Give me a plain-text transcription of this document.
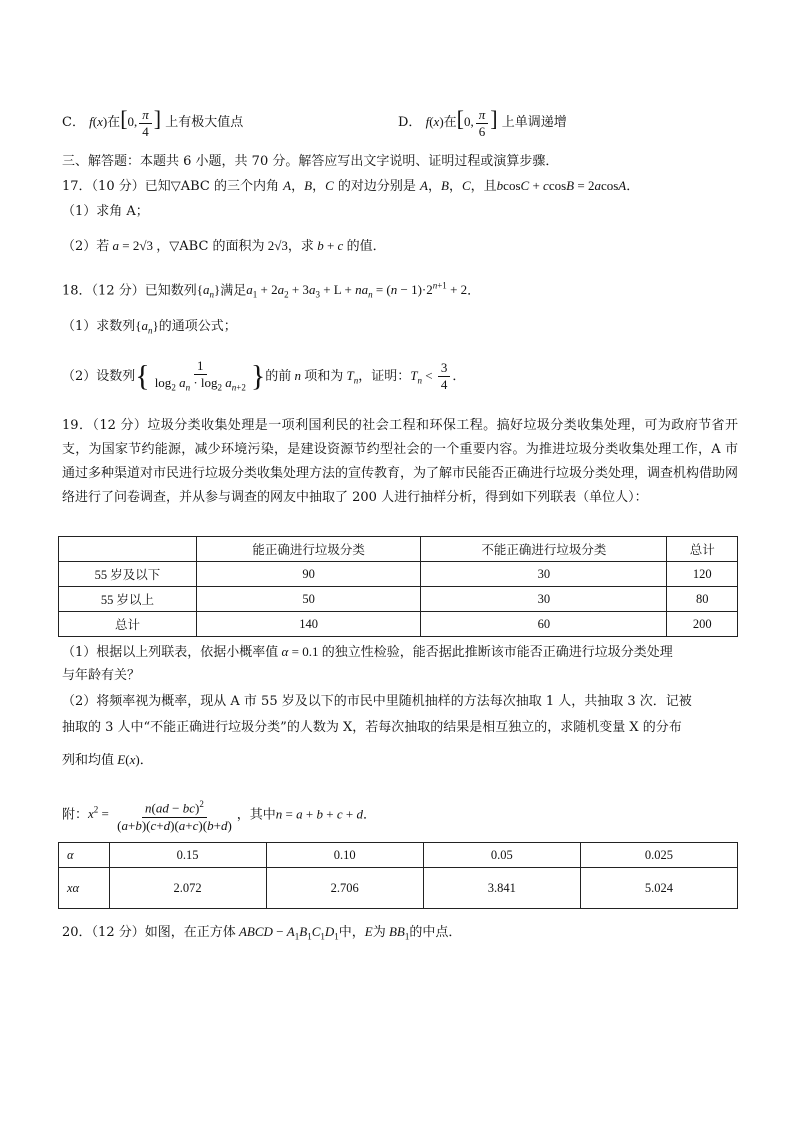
C． f(x)在[0, $\frac{\pi}{4}$ ] 上有极大值点	D． f(x)在[0, $\frac{\pi}{6}$ ] 上单调递增
三、解答题：本题共 6 小题，共 70 分。解答应写出文字说明、证明过程或演算步骤．
17．（10 分）已知▽ABC 的三个内角 A，B，C 的对边分别是 A，B，C，且bcosC + ccosB = 2acosA．
（1）求角 A；
（2）若 a = 2√3 ，▽ABC 的面积为 2√3，求 b + c 的值．
18．（12 分）已知数列$\{a_n\}$满足$a_1 + 2a_2 + 3a_3 + L + na_n = (n - 1)\cdot 2^{n+1} + 2$．
（1）求数列$\{a_n\}$的通项公式；
（2）设数列{ $\frac{1}{\log_2 a_n \cdot \log_2 a_{n+2}}$ }的前 n 项和为 $T_n$，证明：$T_n < \frac{3}{4}$ ．
19．（12 分）垃圾分类收集处理是一项利国利民的社会工程和环保工程。搞好垃圾分类收集处理，可为政府节省开支，为国家节约能源，减少环境污染，是建设资源节约型社会的一个重要内容。为推进垃圾分类收集处理工作，A 市通过多种渠道对市民进行垃圾分类收集处理方法的宣传教育，为了解市民能否正确进行垃圾分类处理，调查机构借助网络进行了问卷调查，并从参与调查的网友中抽取了 200 人进行抽样分析，得到如下列联表（单位人）：
	能正确进行垃圾分类	不能正确进行垃圾分类	总计
55 岁及以下	90	30	120
55 岁以上	50	30	80
总计	140	60	200
（1）根据以上列联表，依据小概率值 α = 0.1 的独立性检验，能否据此推断该市能否正确进行垃圾分类处理
与年龄有关？
（2）将频率视为概率，现从 A 市 55 岁及以下的市民中里随机抽样的方法每次抽取 1 人，共抽取 3 次．记被
抽取的 3 人中“不能正确进行垃圾分类”的人数为 X，若每次抽取的结果是相互独立的，求随机变量 X 的分布
列和均值 E(x)．
附：$x^2 = \frac{n(ad - bc)^2}{(a+b)(c+d)(a+c)(b+d)}$ ，其中n = a + b + c + d．
α	0.15	0.10	0.05	0.025
xα	2.072	2.706	3.841	5.024
20．（12 分）如图，在正方体 ABCD − $A_1B_1C_1D_1$中，E为 $BB_1$的中点．
